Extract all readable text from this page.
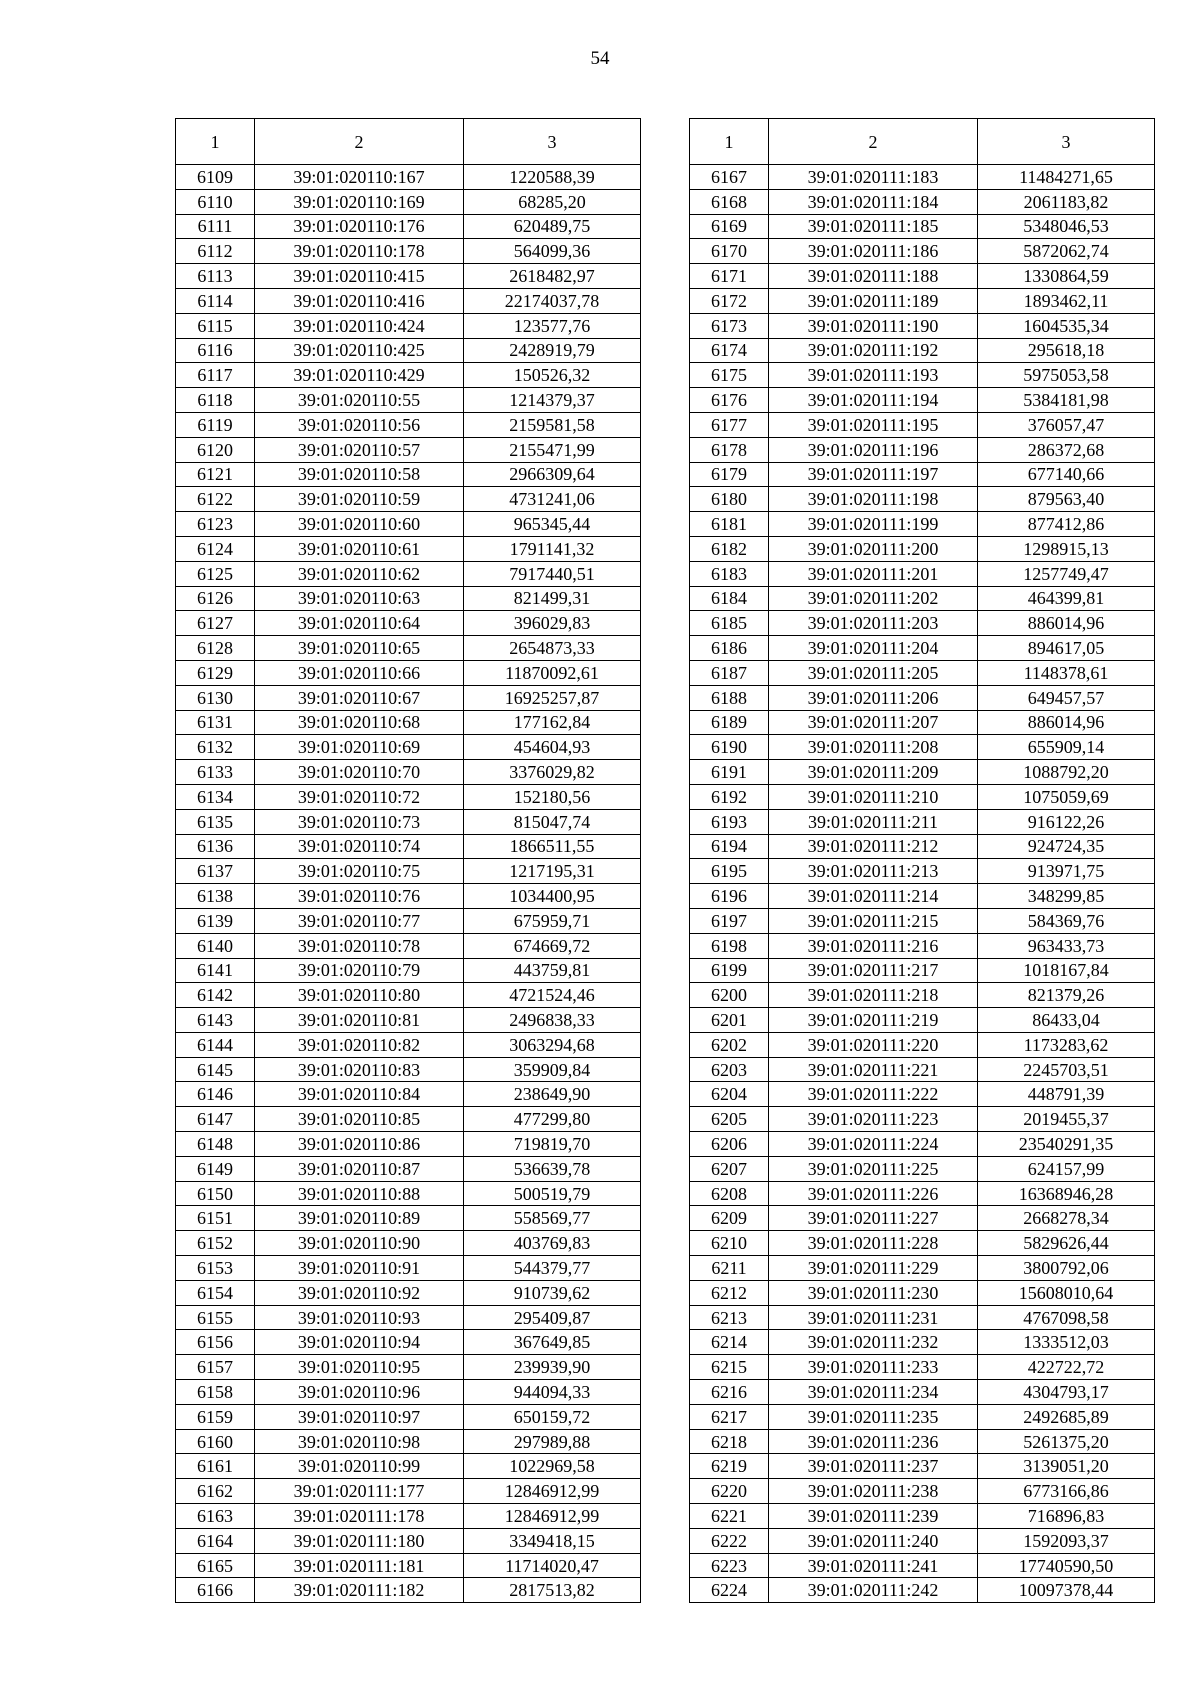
54
1	2	3
6109	39:01:020110:167	1220588,39
6110	39:01:020110:169	68285,20
6111	39:01:020110:176	620489,75
6112	39:01:020110:178	564099,36
6113	39:01:020110:415	2618482,97
6114	39:01:020110:416	22174037,78
6115	39:01:020110:424	123577,76
6116	39:01:020110:425	2428919,79
6117	39:01:020110:429	150526,32
6118	39:01:020110:55	1214379,37
6119	39:01:020110:56	2159581,58
6120	39:01:020110:57	2155471,99
6121	39:01:020110:58	2966309,64
6122	39:01:020110:59	4731241,06
6123	39:01:020110:60	965345,44
6124	39:01:020110:61	1791141,32
6125	39:01:020110:62	7917440,51
6126	39:01:020110:63	821499,31
6127	39:01:020110:64	396029,83
6128	39:01:020110:65	2654873,33
6129	39:01:020110:66	11870092,61
6130	39:01:020110:67	16925257,87
6131	39:01:020110:68	177162,84
6132	39:01:020110:69	454604,93
6133	39:01:020110:70	3376029,82
6134	39:01:020110:72	152180,56
6135	39:01:020110:73	815047,74
6136	39:01:020110:74	1866511,55
6137	39:01:020110:75	1217195,31
6138	39:01:020110:76	1034400,95
6139	39:01:020110:77	675959,71
6140	39:01:020110:78	674669,72
6141	39:01:020110:79	443759,81
6142	39:01:020110:80	4721524,46
6143	39:01:020110:81	2496838,33
6144	39:01:020110:82	3063294,68
6145	39:01:020110:83	359909,84
6146	39:01:020110:84	238649,90
6147	39:01:020110:85	477299,80
6148	39:01:020110:86	719819,70
6149	39:01:020110:87	536639,78
6150	39:01:020110:88	500519,79
6151	39:01:020110:89	558569,77
6152	39:01:020110:90	403769,83
6153	39:01:020110:91	544379,77
6154	39:01:020110:92	910739,62
6155	39:01:020110:93	295409,87
6156	39:01:020110:94	367649,85
6157	39:01:020110:95	239939,90
6158	39:01:020110:96	944094,33
6159	39:01:020110:97	650159,72
6160	39:01:020110:98	297989,88
6161	39:01:020110:99	1022969,58
6162	39:01:020111:177	12846912,99
6163	39:01:020111:178	12846912,99
6164	39:01:020111:180	3349418,15
6165	39:01:020111:181	11714020,47
6166	39:01:020111:182	2817513,82
1	2	3
6167	39:01:020111:183	11484271,65
6168	39:01:020111:184	2061183,82
6169	39:01:020111:185	5348046,53
6170	39:01:020111:186	5872062,74
6171	39:01:020111:188	1330864,59
6172	39:01:020111:189	1893462,11
6173	39:01:020111:190	1604535,34
6174	39:01:020111:192	295618,18
6175	39:01:020111:193	5975053,58
6176	39:01:020111:194	5384181,98
6177	39:01:020111:195	376057,47
6178	39:01:020111:196	286372,68
6179	39:01:020111:197	677140,66
6180	39:01:020111:198	879563,40
6181	39:01:020111:199	877412,86
6182	39:01:020111:200	1298915,13
6183	39:01:020111:201	1257749,47
6184	39:01:020111:202	464399,81
6185	39:01:020111:203	886014,96
6186	39:01:020111:204	894617,05
6187	39:01:020111:205	1148378,61
6188	39:01:020111:206	649457,57
6189	39:01:020111:207	886014,96
6190	39:01:020111:208	655909,14
6191	39:01:020111:209	1088792,20
6192	39:01:020111:210	1075059,69
6193	39:01:020111:211	916122,26
6194	39:01:020111:212	924724,35
6195	39:01:020111:213	913971,75
6196	39:01:020111:214	348299,85
6197	39:01:020111:215	584369,76
6198	39:01:020111:216	963433,73
6199	39:01:020111:217	1018167,84
6200	39:01:020111:218	821379,26
6201	39:01:020111:219	86433,04
6202	39:01:020111:220	1173283,62
6203	39:01:020111:221	2245703,51
6204	39:01:020111:222	448791,39
6205	39:01:020111:223	2019455,37
6206	39:01:020111:224	23540291,35
6207	39:01:020111:225	624157,99
6208	39:01:020111:226	16368946,28
6209	39:01:020111:227	2668278,34
6210	39:01:020111:228	5829626,44
6211	39:01:020111:229	3800792,06
6212	39:01:020111:230	15608010,64
6213	39:01:020111:231	4767098,58
6214	39:01:020111:232	1333512,03
6215	39:01:020111:233	422722,72
6216	39:01:020111:234	4304793,17
6217	39:01:020111:235	2492685,89
6218	39:01:020111:236	5261375,20
6219	39:01:020111:237	3139051,20
6220	39:01:020111:238	6773166,86
6221	39:01:020111:239	716896,83
6222	39:01:020111:240	1592093,37
6223	39:01:020111:241	17740590,50
6224	39:01:020111:242	10097378,44
